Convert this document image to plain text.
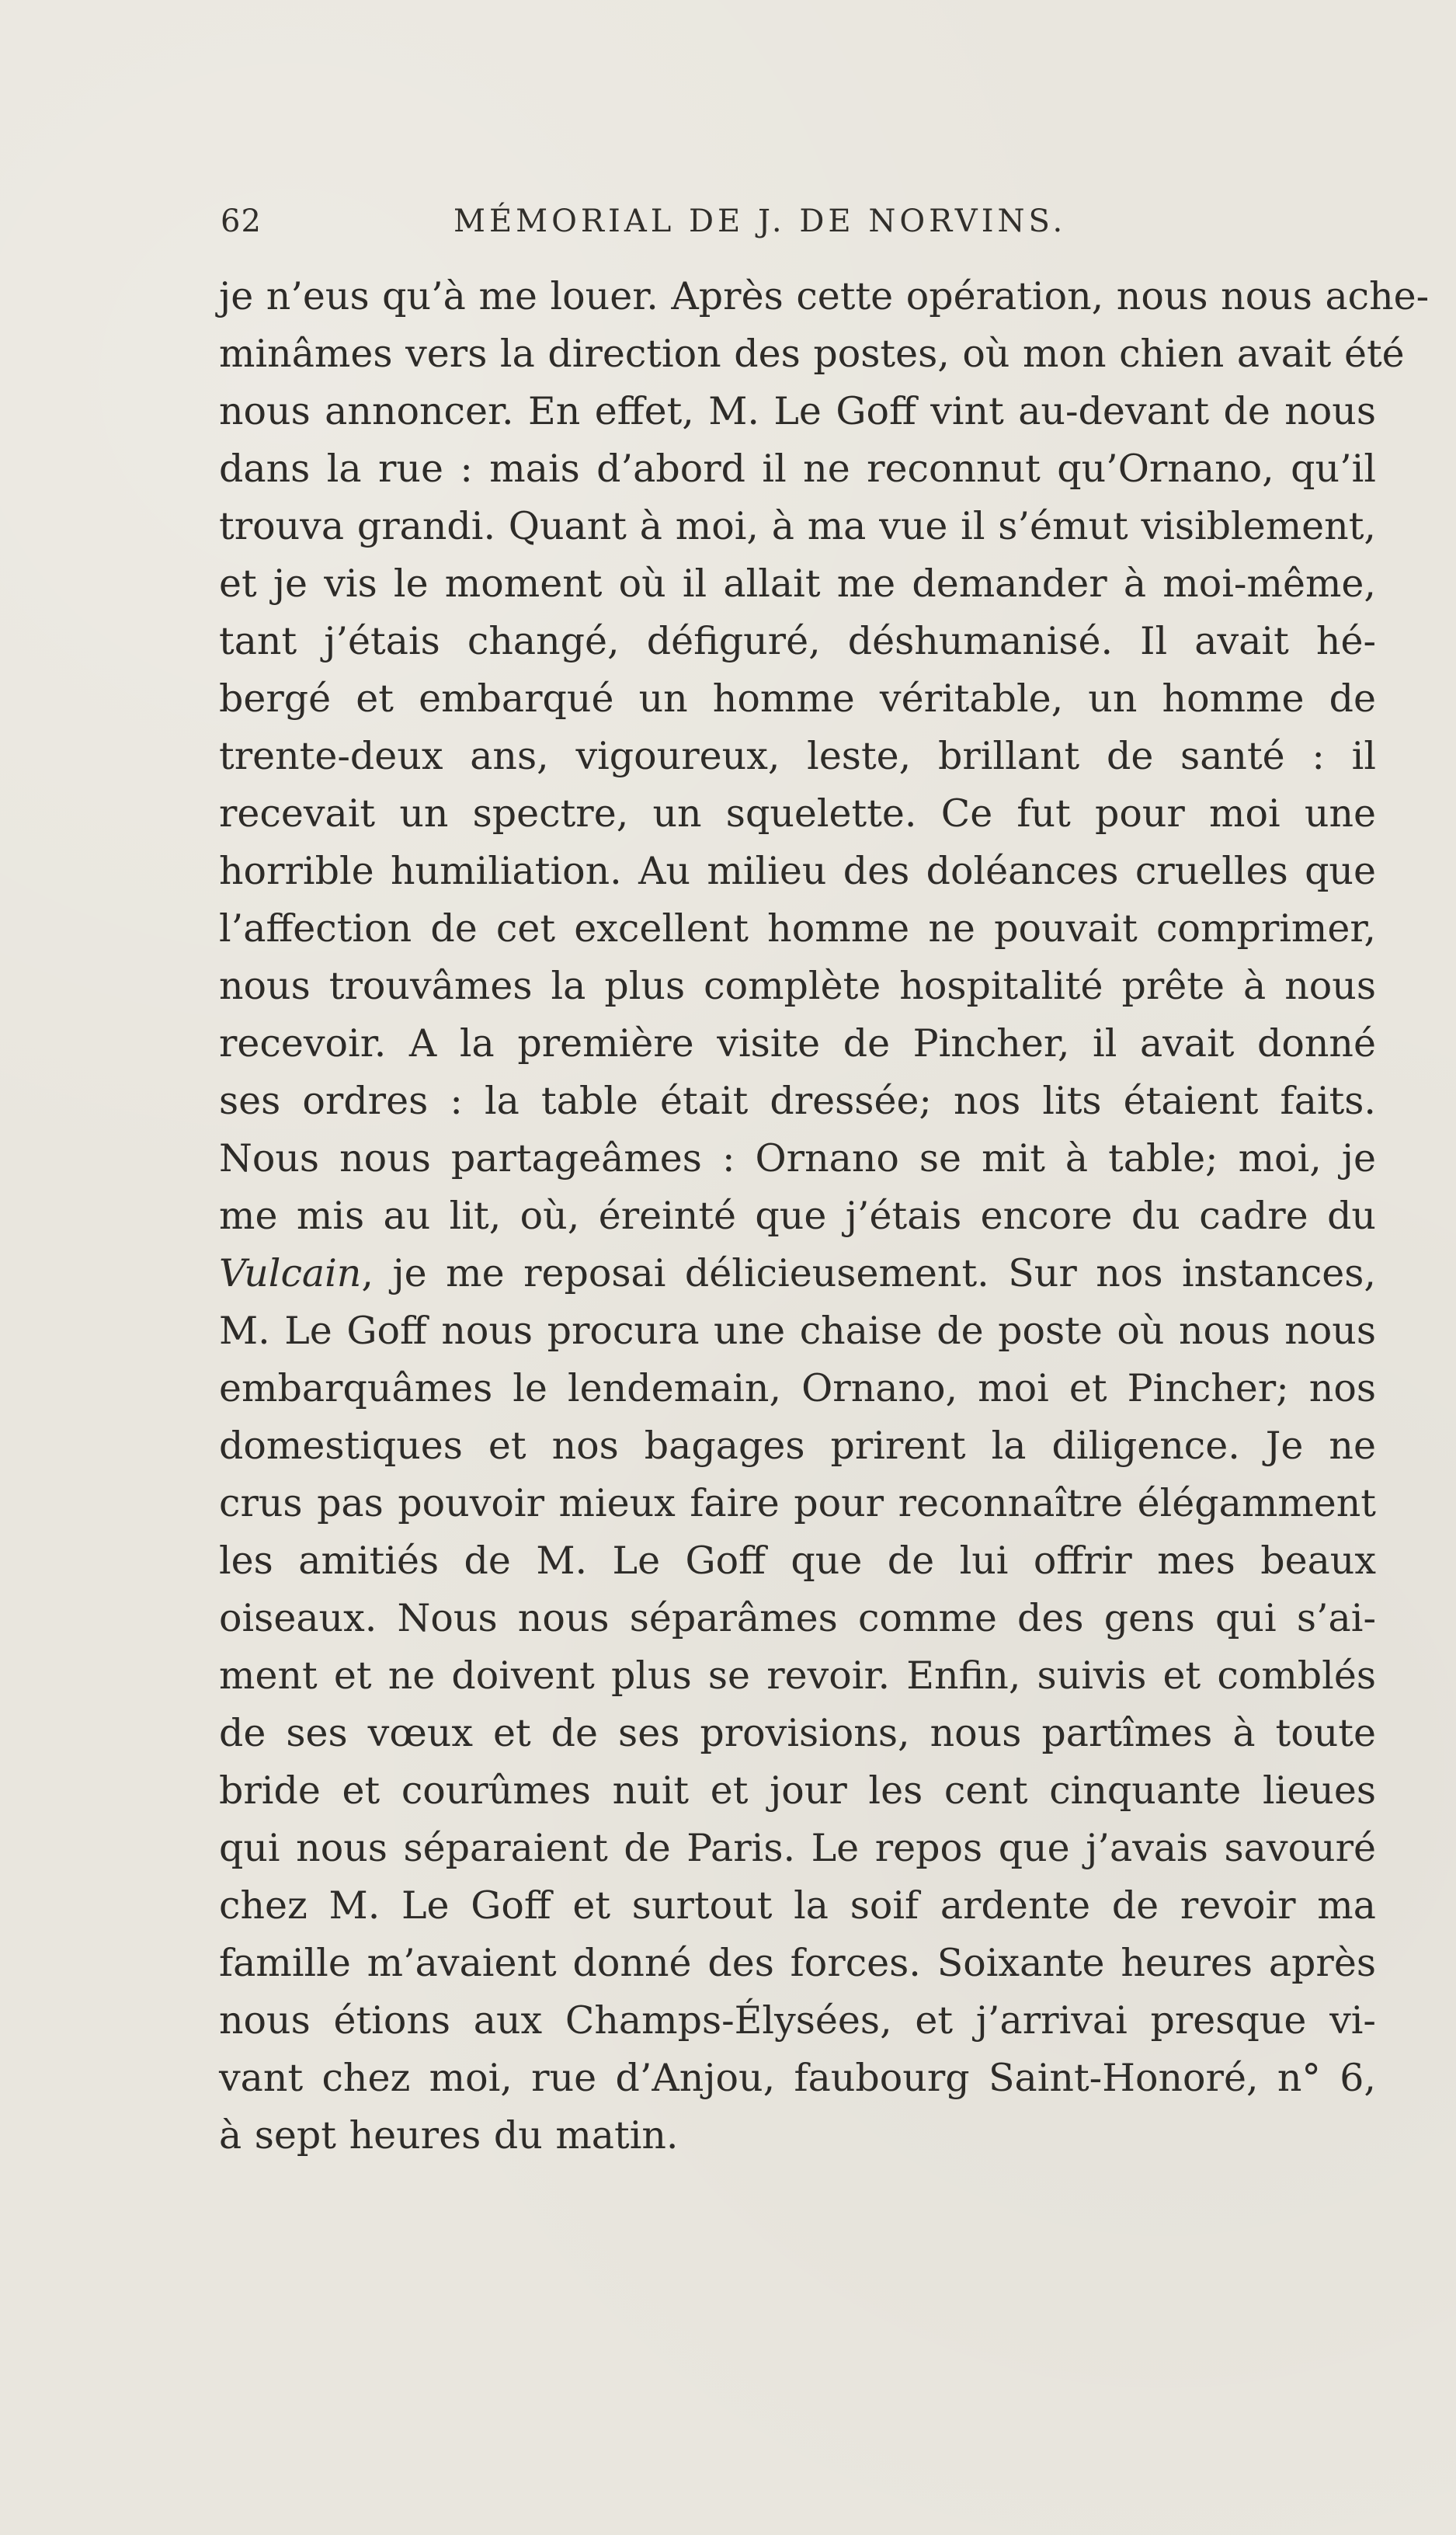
62	MÉMORIAL DE J. DE NORVINS.
je n’eus qu’à me louer. Après cette opération, nous nous ache-
minâmes vers la direction des postes, où mon chien avait été
nous annoncer. En effet, M. Le Goff vint au-devant de nous
dans la rue : mais d’abord il ne reconnut qu’Ornano, qu’il
trouva grandi. Quant à moi, à ma vue il s’émut visiblement,
et je vis le moment où il allait me demander à moi-même,
tant j’étais changé, défiguré, déshumanisé. Il avait hé-
bergé et embarqué un homme véritable, un homme de
trente-deux ans, vigoureux, leste, brillant de santé : il
recevait un spectre, un squelette. Ce fut pour moi une
horrible humiliation. Au milieu des doléances cruelles que
l’affection de cet excellent homme ne pouvait comprimer,
nous trouvâmes la plus complète hospitalité prête à nous
recevoir. A la première visite de Pincher, il avait donné
ses ordres : la table était dressée; nos lits étaient faits.
Nous nous partageâmes : Ornano se mit à table; moi, je
me mis au lit, où, éreinté que j’étais encore du cadre du
Vulcain, je me reposai délicieusement. Sur nos instances,
M. Le Goff nous procura une chaise de poste où nous nous
embarquâmes le lendemain, Ornano, moi et Pincher; nos
domestiques et nos bagages prirent la diligence. Je ne
crus pas pouvoir mieux faire pour reconnaître élégamment
les amitiés de M. Le Goff que de lui offrir mes beaux
oiseaux. Nous nous séparâmes comme des gens qui s’ai-
ment et ne doivent plus se revoir. Enfin, suivis et comblés
de ses vœux et de ses provisions, nous partîmes à toute
bride et courûmes nuit et jour les cent cinquante lieues
qui nous séparaient de Paris. Le repos que j’avais savouré
chez M. Le Goff et surtout la soif ardente de revoir ma
famille m’avaient donné des forces. Soixante heures après
nous étions aux Champs-Élysées, et j’arrivai presque vi-
vant chez moi, rue d’Anjou, faubourg Saint-Honoré, n° 6,
à sept heures du matin.
